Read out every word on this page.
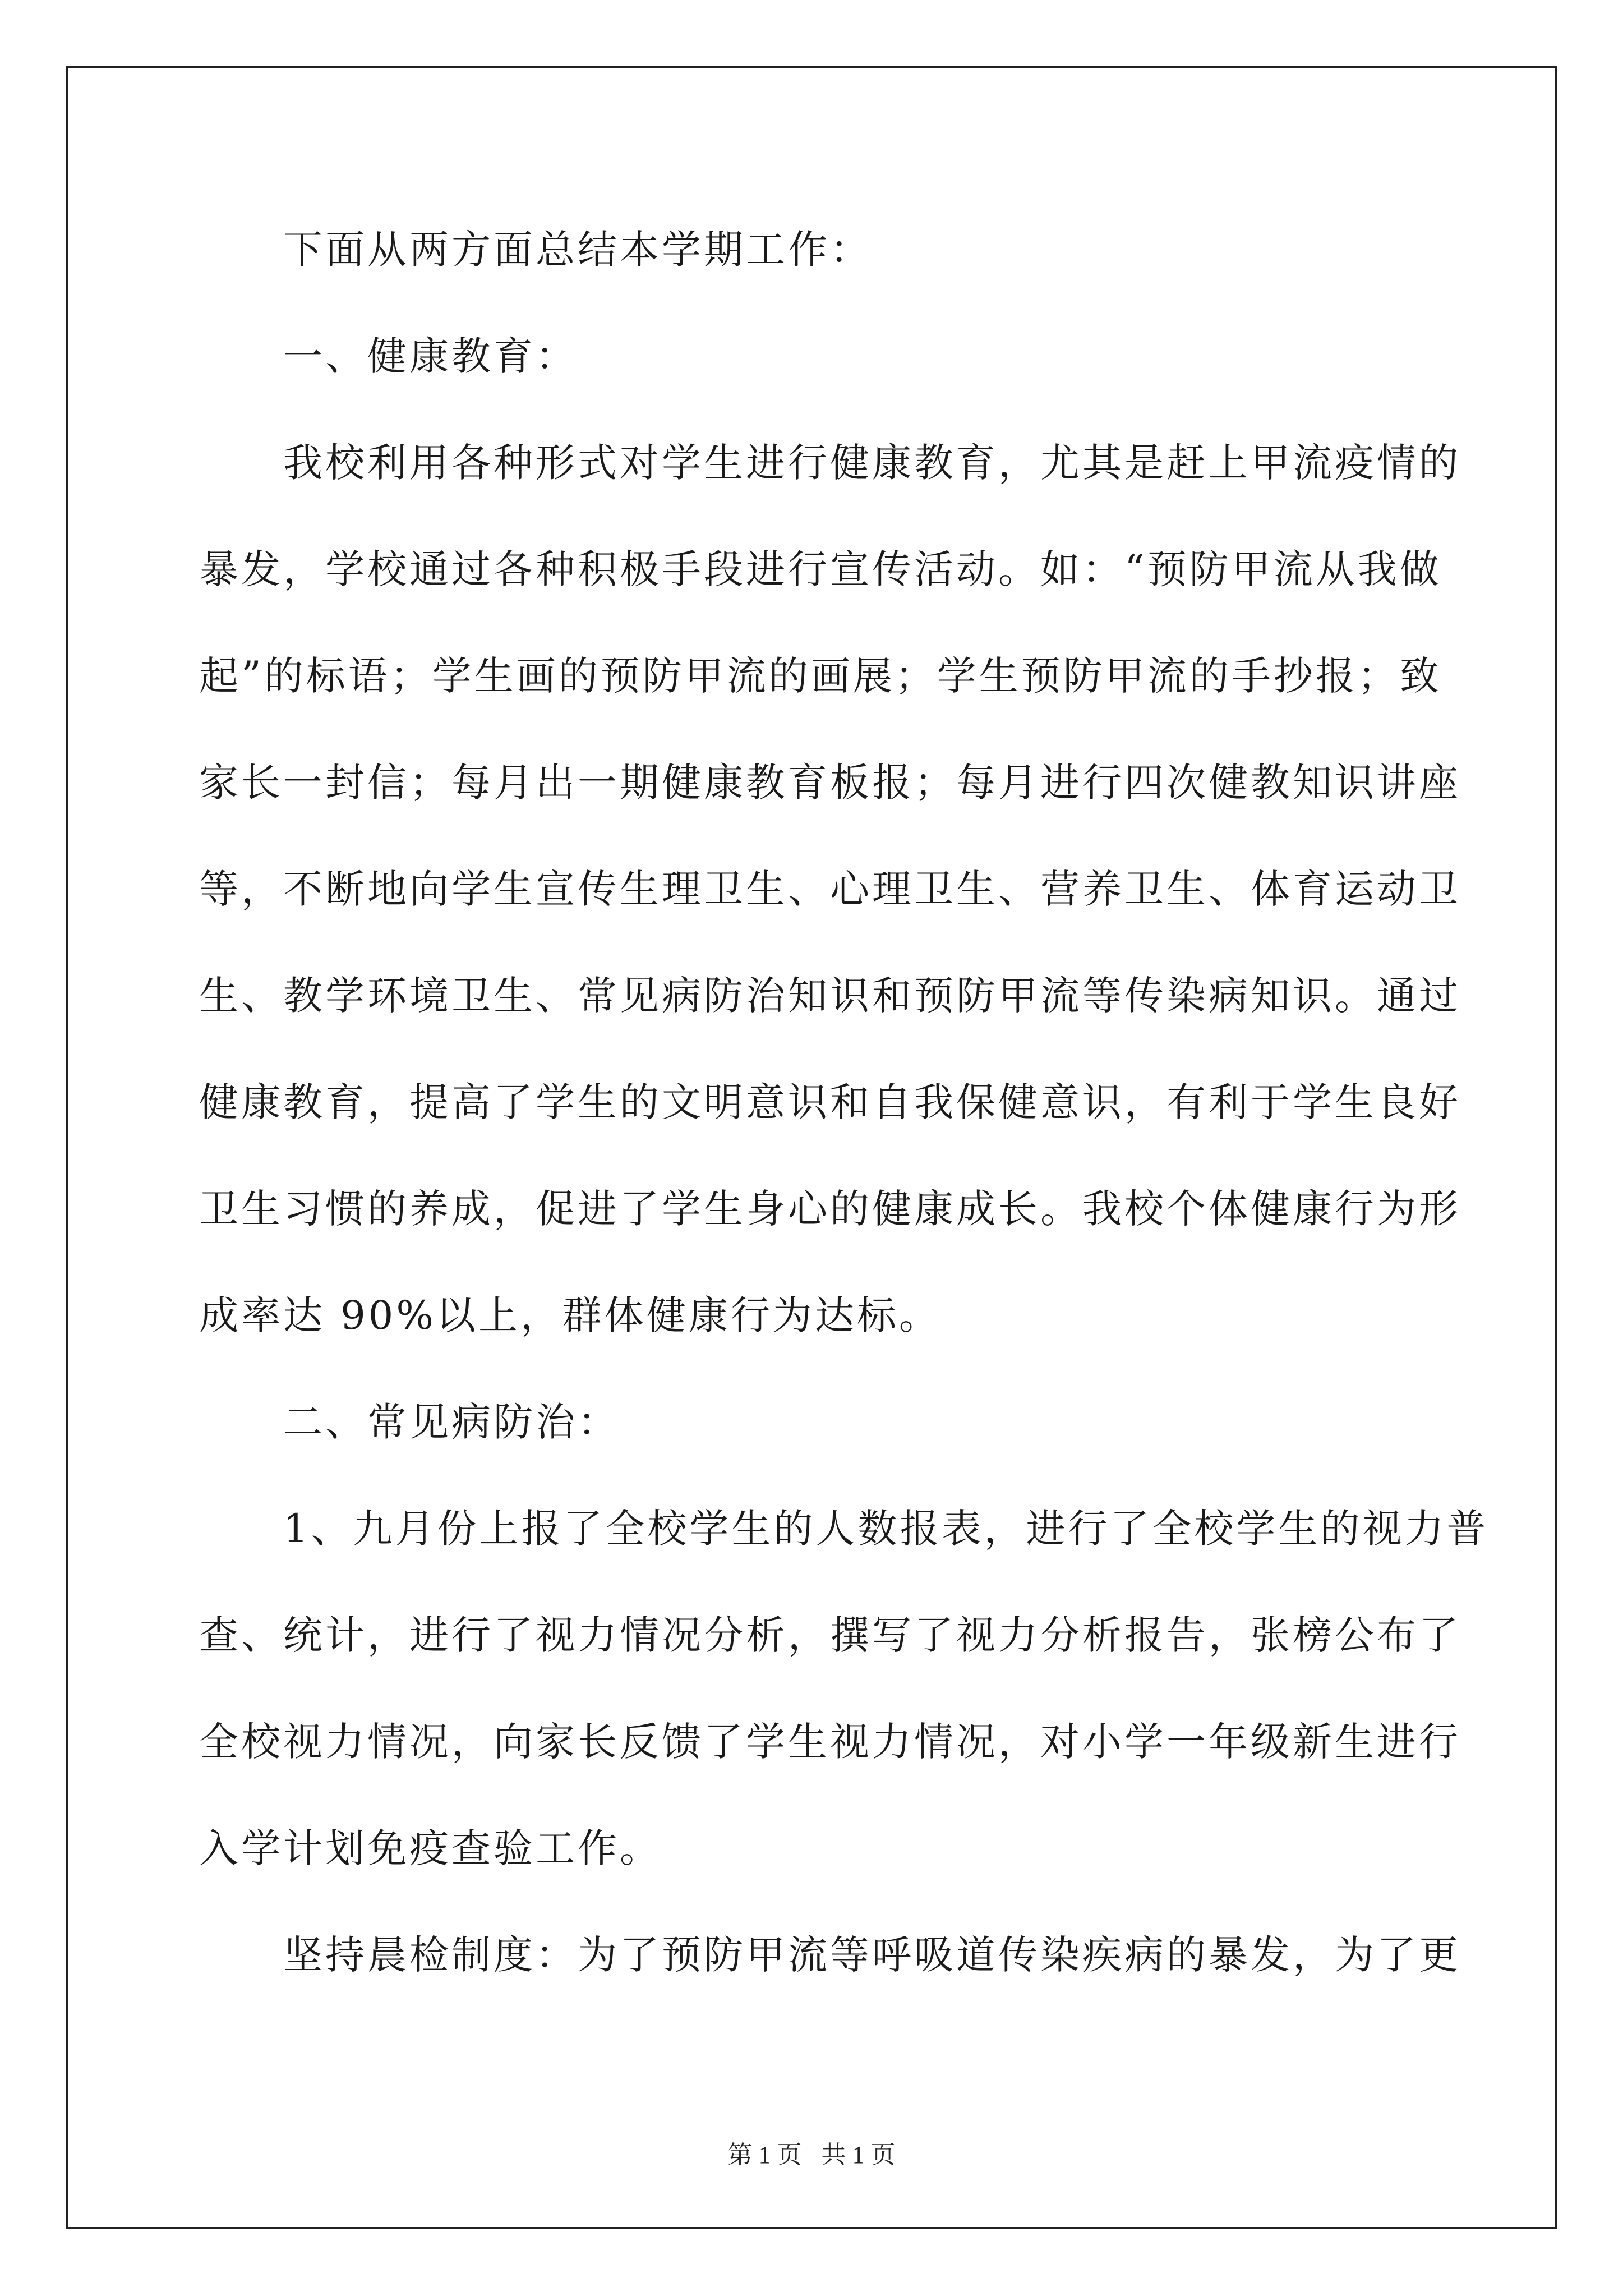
下面从两方面总结本学期工作：
一、健康教育：
我校利用各种形式对学生进行健康教育，尤其是赶上甲流疫情的
暴发，学校通过各种积极手段进行宣传活动。如：“预防甲流从我做
起”的标语；学生画的预防甲流的画展；学生预防甲流的手抄报；致
家长一封信；每月出一期健康教育板报；每月进行四次健教知识讲座
等，不断地向学生宣传生理卫生、心理卫生、营养卫生、体育运动卫
生、教学环境卫生、常见病防治知识和预防甲流等传染病知识。通过
健康教育，提高了学生的文明意识和自我保健意识，有利于学生良好
卫生习惯的养成，促进了学生身心的健康成长。我校个体健康行为形
成率达 90%以上，群体健康行为达标。
二、常见病防治：
1、九月份上报了全校学生的人数报表，进行了全校学生的视力普
查、统计，进行了视力情况分析，撰写了视力分析报告，张榜公布了
全校视力情况，向家长反馈了学生视力情况，对小学一年级新生进行
入学计划免疫查验工作。
坚持晨检制度：为了预防甲流等呼吸道传染疾病的暴发，为了更
第 1 页 共 1 页
